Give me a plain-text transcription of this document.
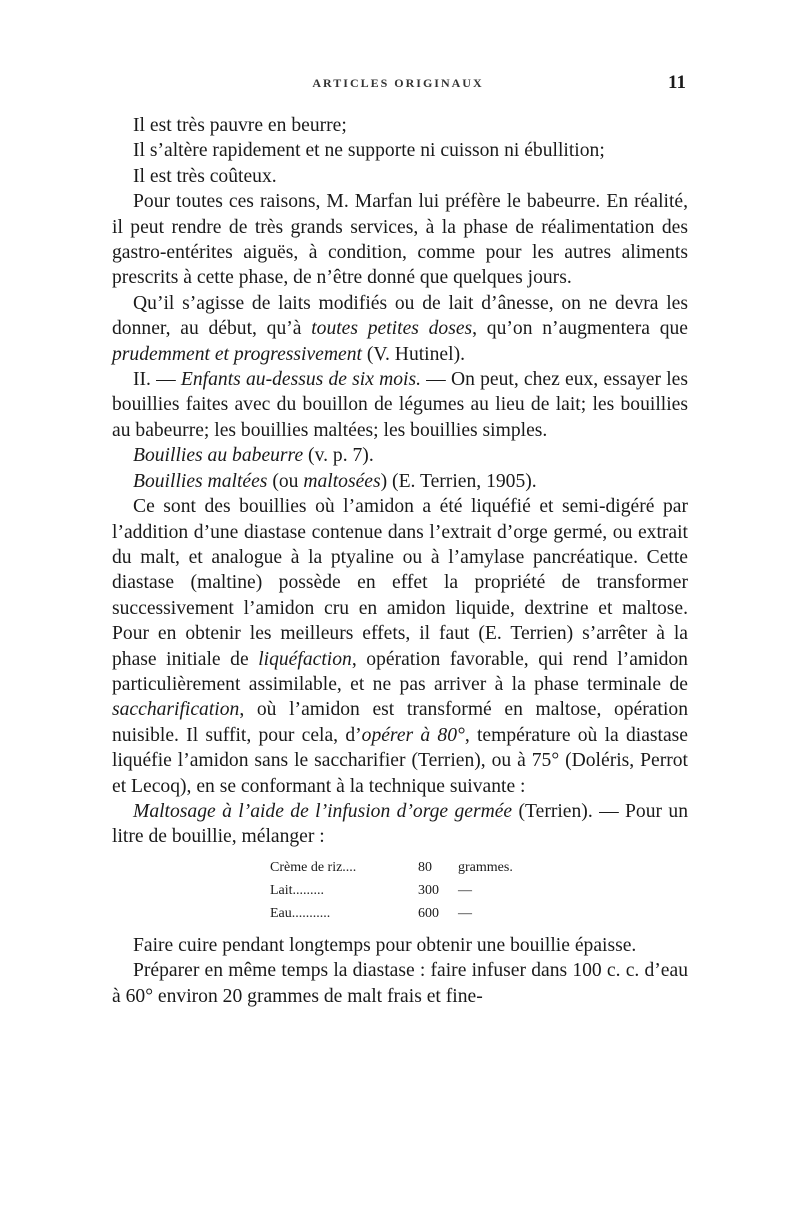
ARTICLES ORIGINAUX	11

Il est très pauvre en beurre;

Il s’altère rapidement et ne supporte ni cuisson ni ébullition;

Il est très coûteux.

Pour toutes ces raisons, M. Marfan lui préfère le babeurre. En réalité, il peut rendre de très grands services, à la phase de réalimentation des gastro-entérites aiguës, à condition, comme pour les autres aliments prescrits à cette phase, de n’être donné que quelques jours.

Qu’il s’agisse de laits modifiés ou de lait d’ânesse, on ne devra les donner, au début, qu’à toutes petites doses, qu’on n’augmentera que prudemment et progressivement (V. Hutinel).

II. — Enfants au-dessus de six mois. — On peut, chez eux, essayer les bouillies faites avec du bouillon de légumes au lieu de lait; les bouillies au babeurre; les bouillies maltées; les bouillies simples.

Bouillies au babeurre (v. p. 7).

Bouillies maltées (ou maltosées) (E. Terrien, 1905).

Ce sont des bouillies où l’amidon a été liquéfié et semi-digéré par l’addition d’une diastase contenue dans l’extrait d’orge germé, ou extrait du malt, et analogue à la ptyaline ou à l’amylase pancréatique. Cette diastase (maltine) possède en effet la propriété de transformer successivement l’amidon cru en amidon liquide, dextrine et maltose. Pour en obtenir les meilleurs effets, il faut (E. Terrien) s’arrêter à la phase initiale de liquéfaction, opération favorable, qui rend l’amidon particulièrement assimilable, et ne pas arriver à la phase terminale de saccharification, où l’amidon est transformé en maltose, opération nuisible. Il suffit, pour cela, d’opérer à 80°, température où la diastase liquéfie l’amidon sans le saccharifier (Terrien), ou à 75° (Doléris, Perrot et Lecoq), en se conformant à la technique suivante :

Maltosage à l’aide de l’infusion d’orge germée (Terrien). — Pour un litre de bouillie, mélanger :

Crème de riz....	80	grammes.
Lait.........	300	—
Eau...........	600	—

Faire cuire pendant longtemps pour obtenir une bouillie épaisse.

Préparer en même temps la diastase : faire infuser dans 100 c. c. d’eau à 60° environ 20 grammes de malt frais et fine-
